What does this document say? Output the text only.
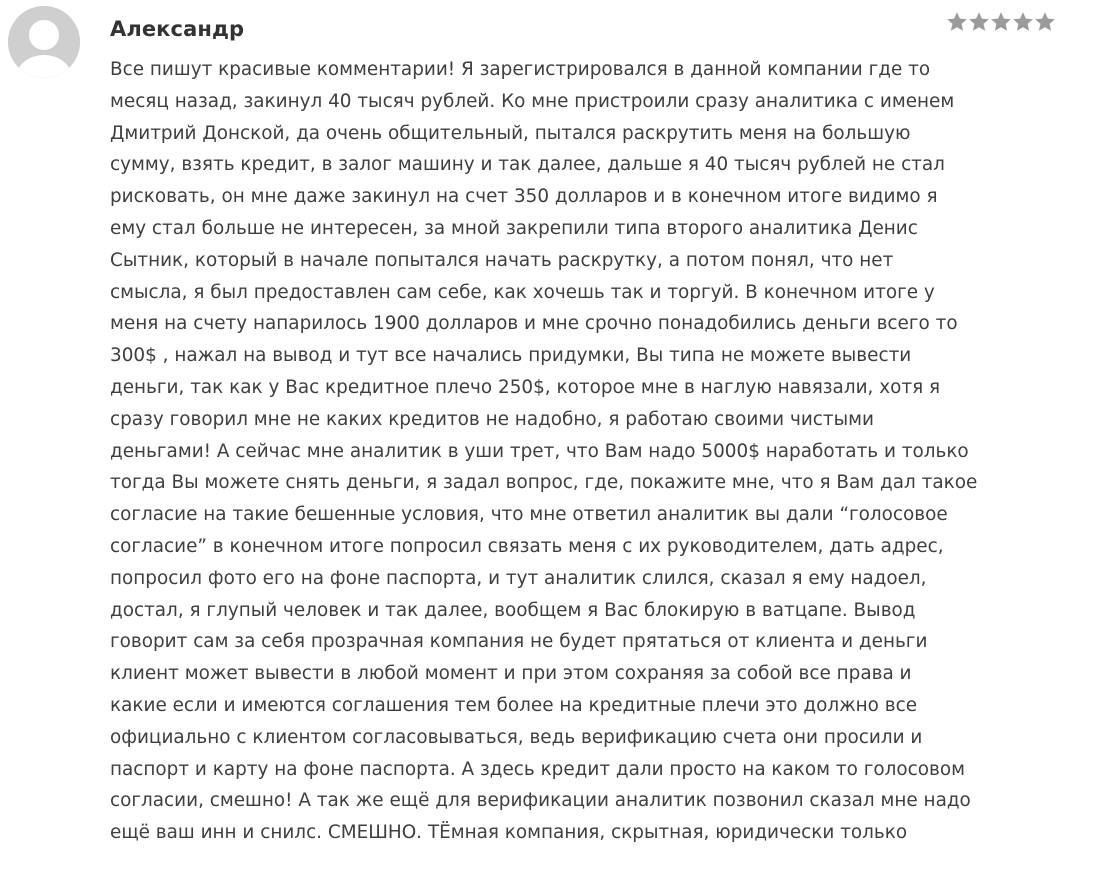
Александр
Все пишут красивые комментарии! Я зарегистрировался в данной компании где то
месяц назад, закинул 40 тысяч рублей. Ко мне пристроили сразу аналитика с именем
Дмитрий Донской, да очень общительный, пытался раскрутить меня на большую
сумму, взять кредит, в залог машину и так далее, дальше я 40 тысяч рублей не стал
рисковать, он мне даже закинул на счет 350 долларов и в конечном итоге видимо я
ему стал больше не интересен, за мной закрепили типа второго аналитика Денис
Сытник, который в начале попытался начать раскрутку, а потом понял, что нет
смысла, я был предоставлен сам себе, как хочешь так и торгуй. В конечном итоге у
меня на счету напарилось 1900 долларов и мне срочно понадобились деньги всего то
300$ , нажал на вывод и тут все начались придумки, Вы типа не можете вывести
деньги, так как у Вас кредитное плечо 250$, которое мне в наглую навязали, хотя я
сразу говорил мне не каких кредитов не надобно, я работаю своими чистыми
деньгами! А сейчас мне аналитик в уши трет, что Вам надо 5000$ наработать и только
тогда Вы можете снять деньги, я задал вопрос, где, покажите мне, что я Вам дал такое
согласие на такие бешенные условия, что мне ответил аналитик вы дали “голосовое
согласие” в конечном итоге попросил связать меня с их руководителем, дать адрес,
попросил фото его на фоне паспорта, и тут аналитик слился, сказал я ему надоел,
достал, я глупый человек и так далее, вообщем я Вас блокирую в ватцапе. Вывод
говорит сам за себя прозрачная компания не будет прятаться от клиента и деньги
клиент может вывести в любой момент и при этом сохраняя за собой все права и
какие если и имеются соглашения тем более на кредитные плечи это должно все
официально с клиентом согласовываться, ведь верификацию счета они просили и
паспорт и карту на фоне паспорта. А здесь кредит дали просто на каком то голосовом
согласии, смешно! А так же ещё для верификации аналитик позвонил сказал мне надо
ещё ваш инн и снилс. СМЕШНО. ТЁмная компания, скрытная, юридически только
